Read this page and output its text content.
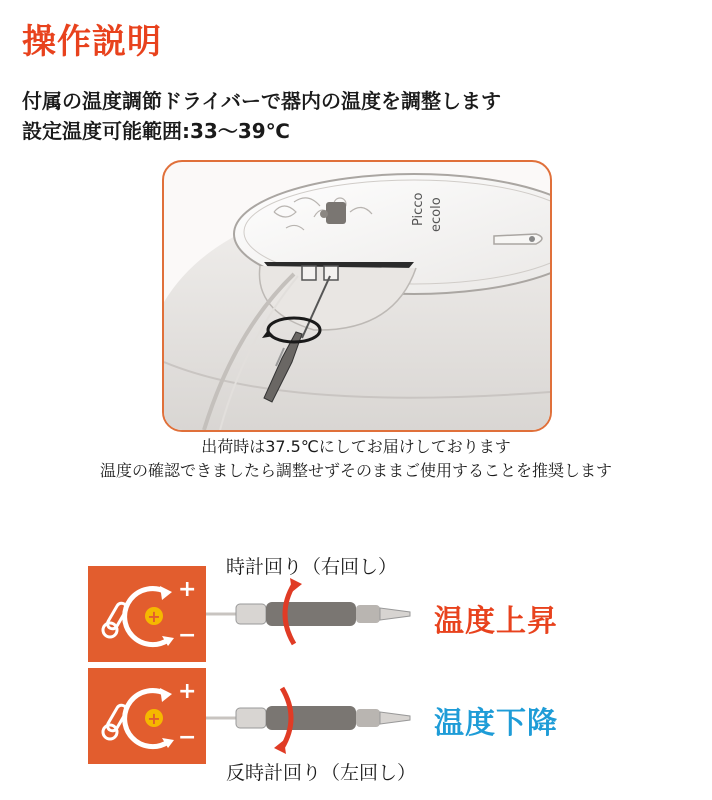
操作説明
付属の温度調節ドライバーで器内の温度を調整します
設定温度可能範囲:33～39℃
Picco ecolo
出荷時は37.5℃にしてお届けしております
温度の確認できましたら調整せずそのままご使用することを推奨します
時計回り（右回し）
+
+
−	温度上昇
+
+
−	温度下降
反時計回り（左回し）
